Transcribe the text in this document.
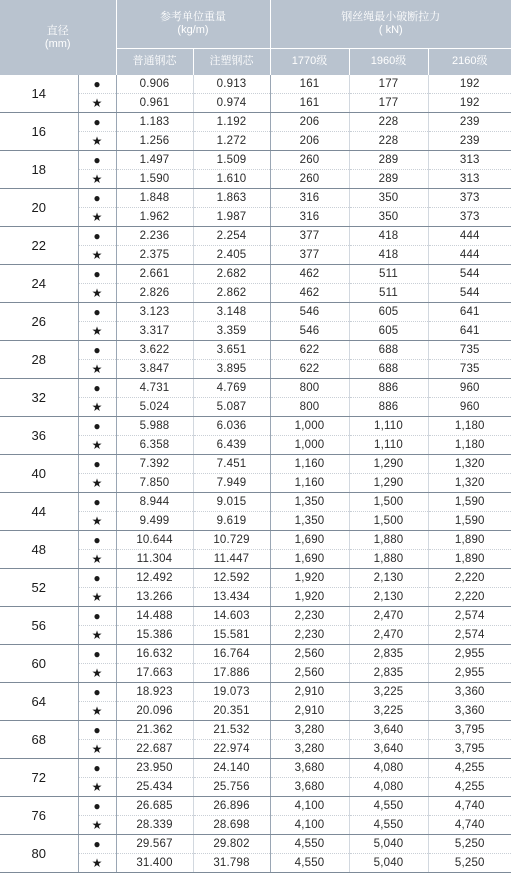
直径
(mm)		参考单位重量
(kg/m)		钢丝绳最小破断拉力
( kN)		

		普通钢芯	注塑钢芯	1770级	1960级	2160级
14	●	0.906	0.913	161	177	192
	★	0.961	0.974	161	177	192
16	●	1.183	1.192	206	228	239
	★	1.256	1.272	206	228	239
18	●	1.497	1.509	260	289	313
	★	1.590	1.610	260	289	313
20	●	1.848	1.863	316	350	373
	★	1.962	1.987	316	350	373
22	●	2.236	2.254	377	418	444
	★	2.375	2.405	377	418	444
24	●	2.661	2.682	462	511	544
	★	2.826	2.862	462	511	544
26	●	3.123	3.148	546	605	641
	★	3.317	3.359	546	605	641
28	●	3.622	3.651	622	688	735
	★	3.847	3.895	622	688	735
32	●	4.731	4.769	800	886	960
	★	5.024	5.087	800	886	960
36	●	5.988	6.036	1,000	1,110	1,180
	★	6.358	6.439	1,000	1,110	1,180
40	●	7.392	7.451	1,160	1,290	1,320
	★	7.850	7.949	1,160	1,290	1,320
44	●	8.944	9.015	1,350	1,500	1,590
	★	9.499	9.619	1,350	1,500	1,590
48	●	10.644	10.729	1,690	1,880	1,890
	★	11.304	11.447	1,690	1,880	1,890
52	●	12.492	12.592	1,920	2,130	2,220
	★	13.266	13.434	1,920	2,130	2,220
56	●	14.488	14.603	2,230	2,470	2,574
	★	15.386	15.581	2,230	2,470	2,574
60	●	16.632	16.764	2,560	2,835	2,955
	★	17.663	17.886	2,560	2,835	2,955
64	●	18.923	19.073	2,910	3,225	3,360
	★	20.096	20.351	2,910	3,225	3,360
68	●	21.362	21.532	3,280	3,640	3,795
	★	22.687	22.974	3,280	3,640	3,795
72	●	23.950	24.140	3,680	4,080	4,255
	★	25.434	25.756	3,680	4,080	4,255
76	●	26.685	26.896	4,100	4,550	4,740
	★	28.339	28.698	4,100	4,550	4,740
80	●	29.567	29.802	4,550	5,040	5,250
	★	31.400	31.798	4,550	5,040	5,250
